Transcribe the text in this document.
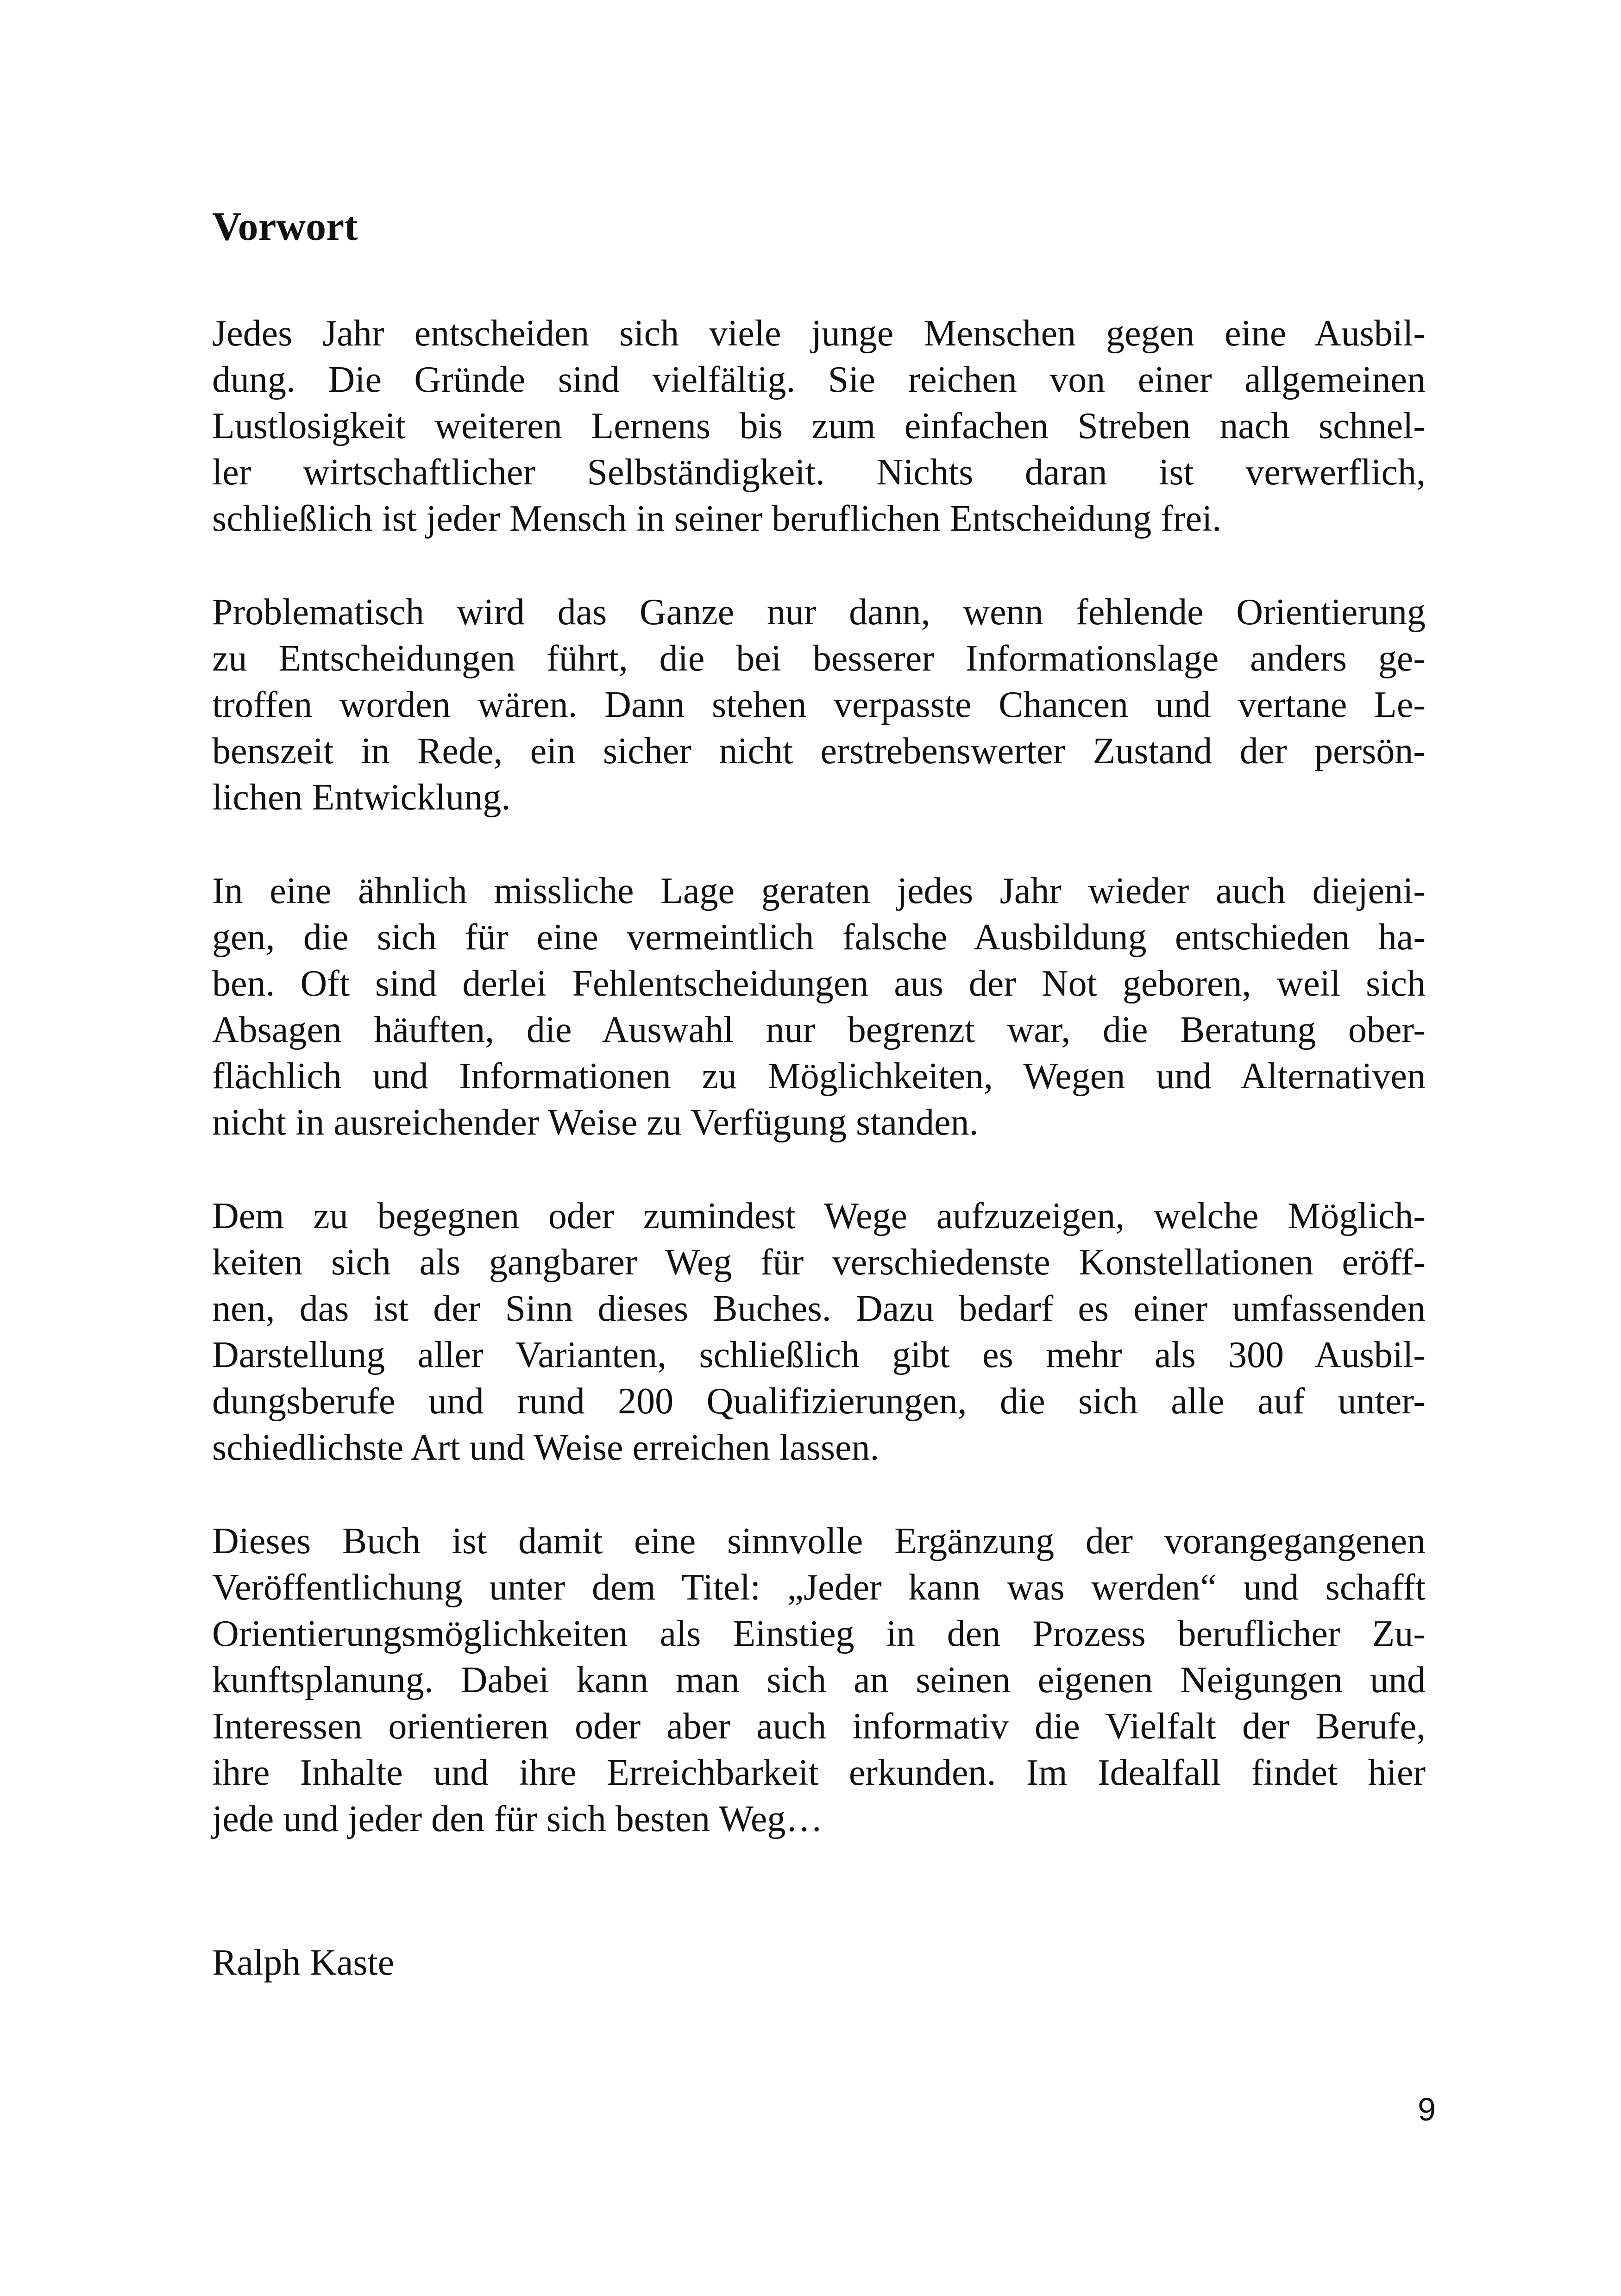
Vorwort
Jedes Jahr entscheiden sich viele junge Menschen gegen eine Ausbil-
dung. Die Gründe sind vielfältig. Sie reichen von einer allgemeinen
Lustlosigkeit weiteren Lernens bis zum einfachen Streben nach schnel-
ler wirtschaftlicher Selbständigkeit. Nichts daran ist verwerflich,
schließlich ist jeder Mensch in seiner beruflichen Entscheidung frei.
Problematisch wird das Ganze nur dann, wenn fehlende Orientierung
zu Entscheidungen führt, die bei besserer Informationslage anders ge-
troffen worden wären. Dann stehen verpasste Chancen und vertane Le-
benszeit in Rede, ein sicher nicht erstrebenswerter Zustand der persön-
lichen Entwicklung.
In eine ähnlich missliche Lage geraten jedes Jahr wieder auch diejeni-
gen, die sich für eine vermeintlich falsche Ausbildung entschieden ha-
ben. Oft sind derlei Fehlentscheidungen aus der Not geboren, weil sich
Absagen häuften, die Auswahl nur begrenzt war, die Beratung ober-
flächlich und Informationen zu Möglichkeiten, Wegen und Alternativen
nicht in ausreichender Weise zu Verfügung standen.
Dem zu begegnen oder zumindest Wege aufzuzeigen, welche Möglich-
keiten sich als gangbarer Weg für verschiedenste Konstellationen eröff-
nen, das ist der Sinn dieses Buches. Dazu bedarf es einer umfassenden
Darstellung aller Varianten, schließlich gibt es mehr als 300 Ausbil-
dungsberufe und rund 200 Qualifizierungen, die sich alle auf unter-
schiedlichste Art und Weise erreichen lassen.
Dieses Buch ist damit eine sinnvolle Ergänzung der vorangegangenen
Veröffentlichung unter dem Titel: „Jeder kann was werden“ und schafft
Orientierungsmöglichkeiten als Einstieg in den Prozess beruflicher Zu-
kunftsplanung. Dabei kann man sich an seinen eigenen Neigungen und
Interessen orientieren oder aber auch informativ die Vielfalt der Berufe,
ihre Inhalte und ihre Erreichbarkeit erkunden. Im Idealfall findet hier
jede und jeder den für sich besten Weg…
Ralph Kaste
9
